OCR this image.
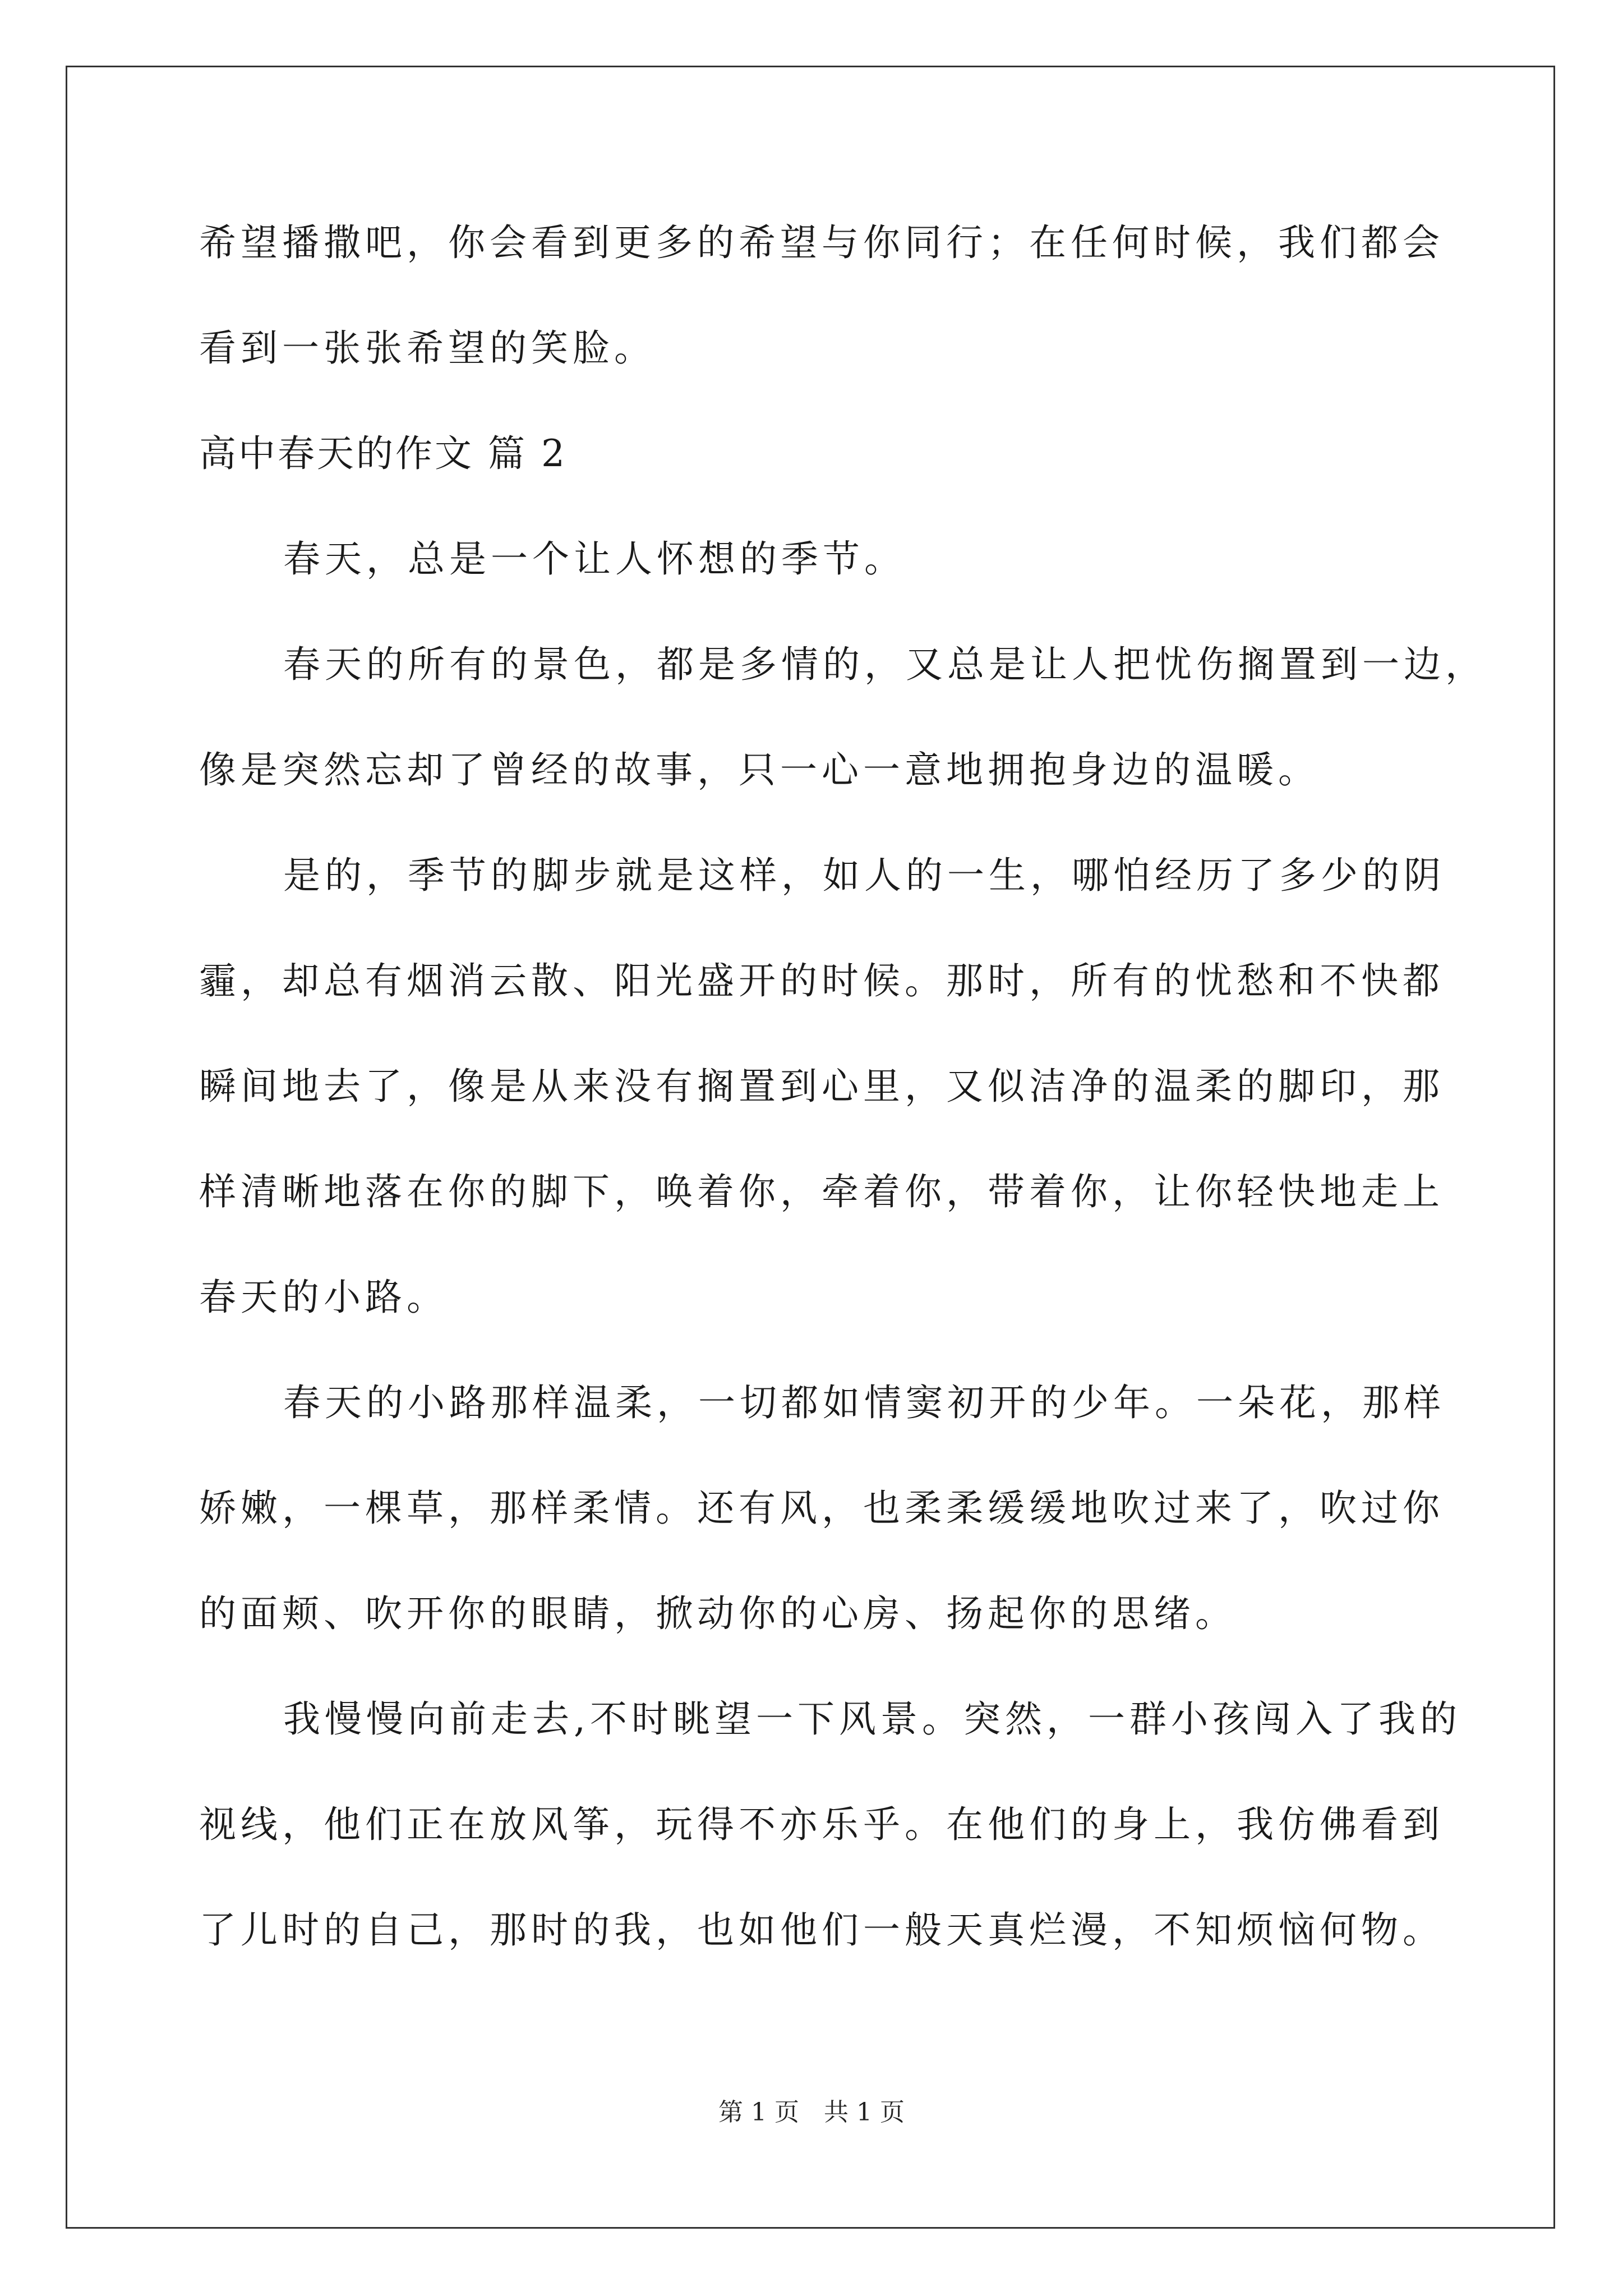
希望播撒吧，你会看到更多的希望与你同行；在任何时候，我们都会
看到一张张希望的笑脸。
高中春天的作文 篇 2
春天，总是一个让人怀想的季节。
春天的所有的景色，都是多情的，又总是让人把忧伤搁置到一边，
像是突然忘却了曾经的故事，只一心一意地拥抱身边的温暖。
是的，季节的脚步就是这样，如人的一生，哪怕经历了多少的阴
霾，却总有烟消云散、阳光盛开的时候。那时，所有的忧愁和不快都
瞬间地去了，像是从来没有搁置到心里，又似洁净的温柔的脚印，那
样清晰地落在你的脚下，唤着你，牵着你，带着你，让你轻快地走上
春天的小路。
春天的小路那样温柔，一切都如情窦初开的少年。一朵花，那样
娇嫩，一棵草，那样柔情。还有风，也柔柔缓缓地吹过来了，吹过你
的面颊、吹开你的眼睛，掀动你的心房、扬起你的思绪。
我慢慢向前走去,不时眺望一下风景。突然，一群小孩闯入了我的
视线，他们正在放风筝，玩得不亦乐乎。在他们的身上，我仿佛看到
了儿时的自己，那时的我，也如他们一般天真烂漫，不知烦恼何物。
第 1 页　共 1 页
